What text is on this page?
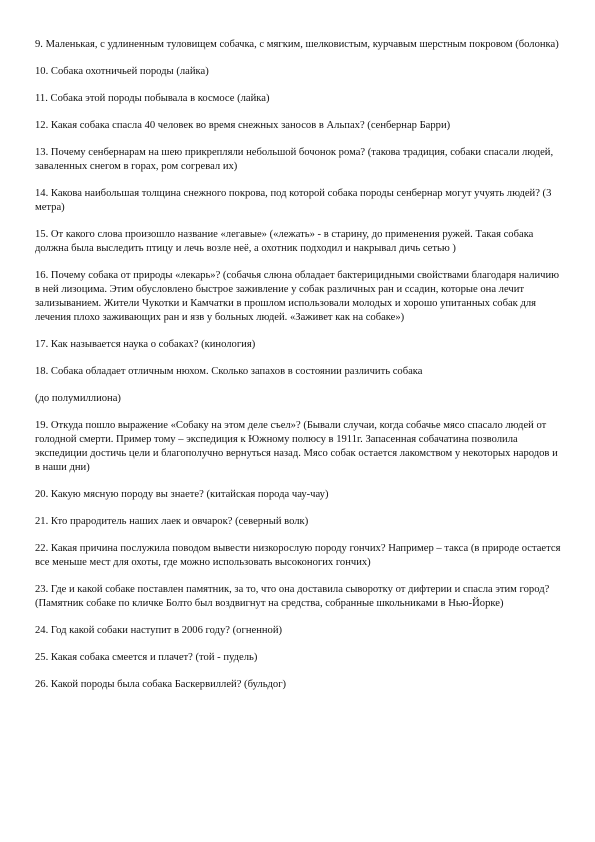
9. Маленькая, с удлиненным туловищем собачка, с мягким, шелковистым, курчавым шерстным покровом (болонка)

10. Собака охотничьей породы (лайка)

11. Собака этой породы побывала в космосе (лайка)

12. Какая собака спасла 40 человек во время снежных заносов в Альпах? (сенбернар Барри)

13. Почему сенбернарам на шею прикрепляли небольшой бочонок рома? (такова традиция, собаки спасали людей, заваленных снегом в горах, ром согревал их)

14. Какова наибольшая толщина снежного покрова, под которой собака породы сенбернар могут учуять людей? (3 метра)

15. От какого слова произошло название «легавые» («лежать» - в старину, до применения ружей. Такая собака должна была выследить птицу и лечь возле неё, а охотник подходил и накрывал дичь сетью )

16. Почему собака от природы «лекарь»? (собачья слюна обладает бактерицидными свойствами благодаря наличию в ней лизоцима. Этим обусловлено быстрое заживление у собак различных ран и ссадин, которые она лечит зализыванием. Жители Чукотки и Камчатки в прошлом использовали молодых и хорошо упитанных собак для лечения плохо заживающих ран и язв у больных людей. «Заживет как на собаке»)

17. Как называется наука о собаках? (кинология)

18. Собака обладает отличным нюхом. Сколько запахов в состоянии различить собака

(до полумиллиона)

19. Откуда пошло выражение «Собаку на этом деле съел»? (Бывали случаи, когда собачье мясо спасало людей от голодной смерти. Пример тому – экспедиция к Южному полюсу в 1911г. Запасенная собачатина позволила экспедиции достичь цели и благополучно вернуться назад. Мясо собак остается лакомством у некоторых народов и в наши дни)

20. Какую мясную породу вы знаете? (китайская порода чау-чау)

21. Кто прародитель наших лаек и овчарок? (северный волк)

22. Какая причина послужила поводом вывести низкорослую породу гончих? Например – такса (в природе остается все меньше мест для охоты, где можно использовать высоконогих гончих)

23. Где и какой собаке поставлен памятник, за то, что она доставила сыворотку от дифтерии и спасла этим город? (Памятник собаке по кличке Болто был воздвигнут на средства, собранные школьниками в Нью-Йорке)

24. Год какой собаки наступит в 2006 году? (огненной)

25. Какая собака смеется и плачет? (той - пудель)

26. Какой породы была собака Баскервиллей? (бульдог)
